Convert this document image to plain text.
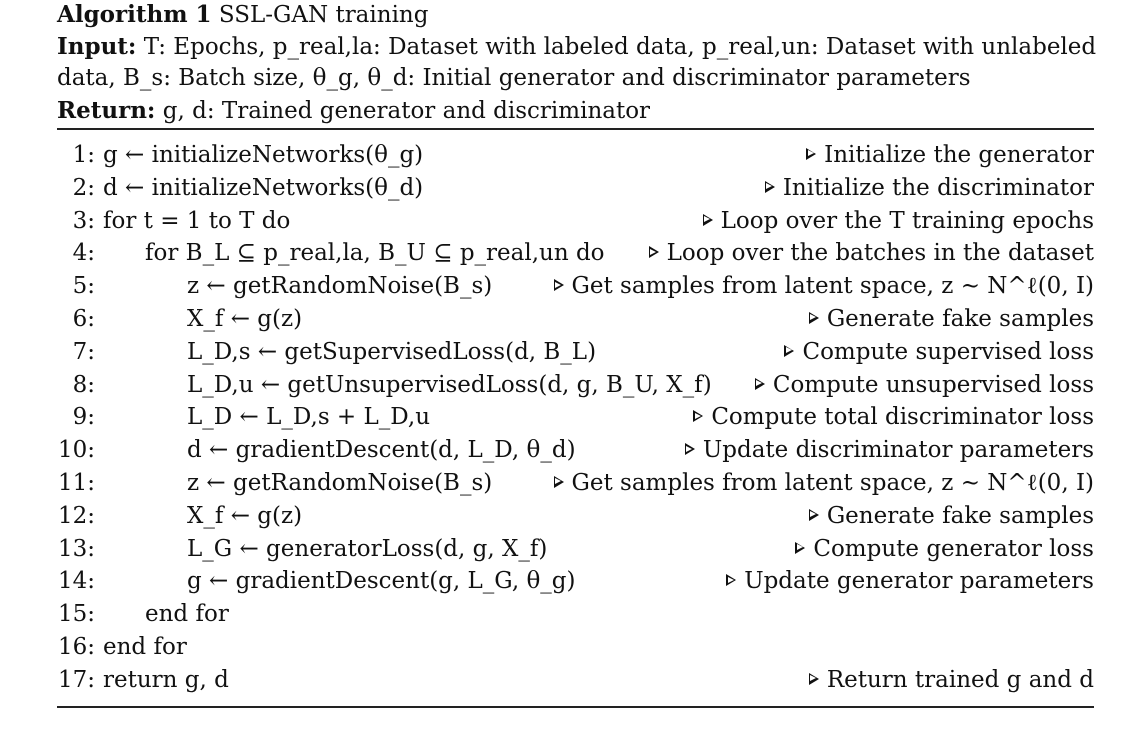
Algorithm 1 SSL-GAN training
Input: T: Epochs, p_real,la: Dataset with labeled data, p_real,un: Dataset with unlabeled
data, B_s: Batch size, θ_g, θ_d: Initial generator and discriminator parameters
Return: g, d: Trained generator and discriminator
1: g ← initializeNetworks(θ_g)	Initialize the generator
2: d ← initializeNetworks(θ_d)	Initialize the discriminator
3: for t = 1 to T do	Loop over the T training epochs
4: for B_L ⊆ p_real,la, B_U ⊆ p_real,un do	Loop over the batches in the dataset
5:	z ← getRandomNoise(B_s)	Get samples from latent space, z ∼ N^ℓ(0, I)
6:	X_f ← g(z)	Generate fake samples
7:	L_D,s ← getSupervisedLoss(d, B_L)	Compute supervised loss
8:	L_D,u ← getUnsupervisedLoss(d, g, B_U, X_f)	Compute unsupervised loss
9:	L_D ← L_D,s + L_D,u	Compute total discriminator loss
10:	d ← gradientDescent(d, L_D, θ_d)	Update discriminator parameters
11:	z ← getRandomNoise(B_s)	Get samples from latent space, z ∼ N^ℓ(0, I)
12:	X_f ← g(z)	Generate fake samples
13:	L_G ← generatorLoss(d, g, X_f)	Compute generator loss
14:	g ← gradientDescent(g, L_G, θ_g)	Update generator parameters
15: end for
16: end for
17: return g, d	Return trained g and d
